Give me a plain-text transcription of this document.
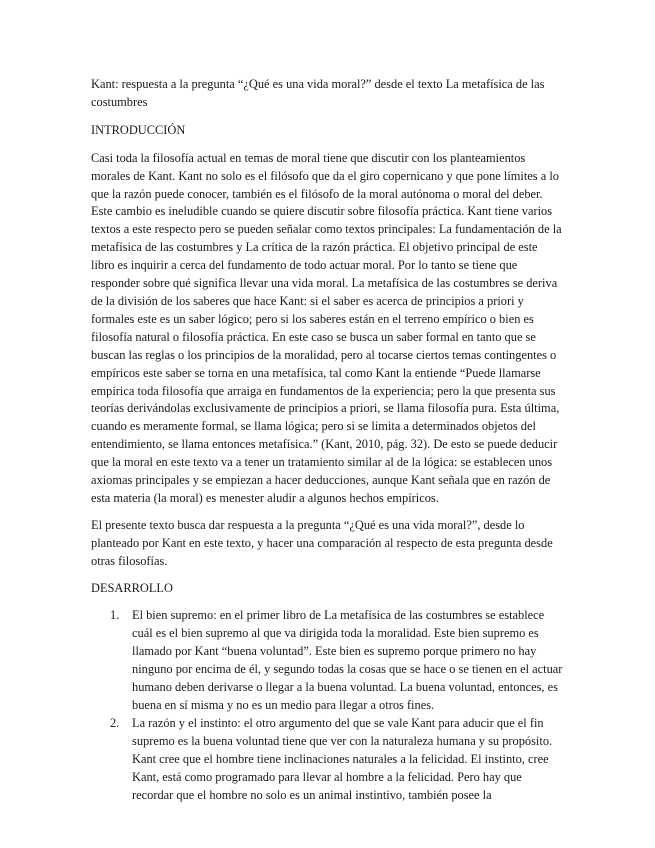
Kant: respuesta a la pregunta “¿Qué es una vida moral?” desde el texto La metafísica de las costumbres

INTRODUCCIÓN

Casi toda la filosofía actual en temas de moral tiene que discutir con los planteamientos morales de Kant. Kant no solo es el filósofo que da el giro copernicano y que pone límites a lo que la razón puede conocer, también es el filósofo de la moral autónoma o moral del deber. Este cambio es ineludible cuando se quiere discutir sobre filosofía práctica. Kant tiene varios textos a este respecto pero se pueden señalar como textos principales: La fundamentación de la metafísica de las costumbres y La crítica de la razón práctica. El objetivo principal de este libro es inquirir a cerca del fundamento de todo actuar moral. Por lo tanto se tiene que responder sobre qué significa llevar una vida moral. La metafísica de las costumbres se deriva de la división de los saberes que hace Kant: si el saber es acerca de principios a priori y formales este es un saber lógico; pero si los saberes están en el terreno empírico o bien es filosofía natural o filosofía práctica. En este caso se busca un saber formal en tanto que se buscan las reglas o los principios de la moralidad, pero al tocarse ciertos temas contingentes o empíricos este saber se torna en una metafísica, tal como Kant la entiende “Puede llamarse empírica toda filosofía que arraiga en fundamentos de la experiencia; pero la que presenta sus teorías derivándolas exclusivamente de principios a priori, se llama filosofía pura. Esta última, cuando es meramente formal, se llama lógica; pero si se limita a determinados objetos del entendimiento, se llama entonces metafísica.” (Kant, 2010, pág. 32). De esto se puede deducir que la moral en este texto va a tener un tratamiento similar al de la lógica: se establecen unos axiomas principales y se empiezan a hacer deducciones, aunque Kant señala que en razón de esta materia (la moral) es menester aludir a algunos hechos empíricos.

El presente texto busca dar respuesta a la pregunta “¿Qué es una vida moral?”, desde lo planteado por Kant en este texto, y hacer una comparación al respecto de esta pregunta desde otras filosofías.

DESARROLLO

1. El bien supremo: en el primer libro de La metafísica de las costumbres se establece cuál es el bien supremo al que va dirigida toda la moralidad. Este bien supremo es llamado por Kant “buena voluntad”. Este bien es supremo porque primero no hay ninguno por encima de él, y segundo todas la cosas que se hace o se tienen en el actuar humano deben derivarse o llegar a la buena voluntad. La buena voluntad, entonces, es buena en sí misma y no es un medio para llegar a otros fines.
2. La razón y el instinto: el otro argumento del que se vale Kant para aducir que el fin supremo es la buena voluntad tiene que ver con la naturaleza humana y su propósito. Kant cree que el hombre tiene inclinaciones naturales a la felicidad. El instinto, cree Kant, está como programado para llevar al hombre a la felicidad. Pero hay que recordar que el hombre no solo es un animal instintivo, también posee la
